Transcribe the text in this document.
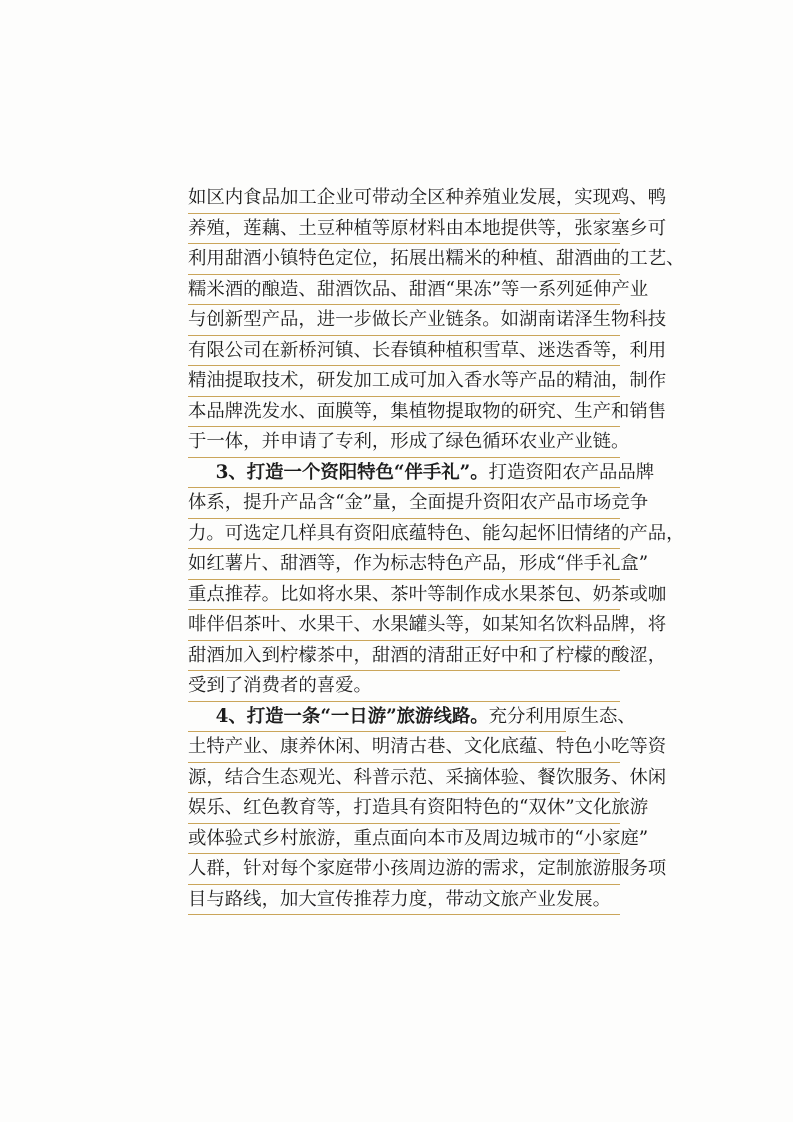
如区内食品加工企业可带动全区种养殖业发展，实现鸡、鸭
养殖，莲藕、土豆种植等原材料由本地提供等，张家塞乡可
利用甜酒小镇特色定位，拓展出糯米的种植、甜酒曲的工艺、
糯米酒的酿造、甜酒饮品、甜酒“果冻”等一系列延伸产业
与创新型产品，进一步做长产业链条。如湖南诺泽生物科技
有限公司在新桥河镇、长春镇种植积雪草、迷迭香等，利用
精油提取技术，研发加工成可加入香水等产品的精油，制作
本品牌洗发水、面膜等，集植物提取物的研究、生产和销售
于一体，并申请了专利，形成了绿色循环农业产业链。
  3、打造一个资阳特色“伴手礼”。打造资阳农产品品牌
体系，提升产品含“金”量，全面提升资阳农产品市场竞争
力。可选定几样具有资阳底蕴特色、能勾起怀旧情绪的产品，
如红薯片、甜酒等，作为标志特色产品，形成“伴手礼盒”
重点推荐。比如将水果、茶叶等制作成水果茶包、奶茶或咖
啡伴侣茶叶、水果干、水果罐头等，如某知名饮料品牌，将
甜酒加入到柠檬茶中，甜酒的清甜正好中和了柠檬的酸涩，
受到了消费者的喜爱。
  4、打造一条“一日游”旅游线路。充分利用原生态、
土特产业、康养休闲、明清古巷、文化底蕴、特色小吃等资
源，结合生态观光、科普示范、采摘体验、餐饮服务、休闲
娱乐、红色教育等，打造具有资阳特色的“双休”文化旅游
或体验式乡村旅游，重点面向本市及周边城市的“小家庭”
人群，针对每个家庭带小孩周边游的需求，定制旅游服务项
目与路线，加大宣传推荐力度，带动文旅产业发展。
